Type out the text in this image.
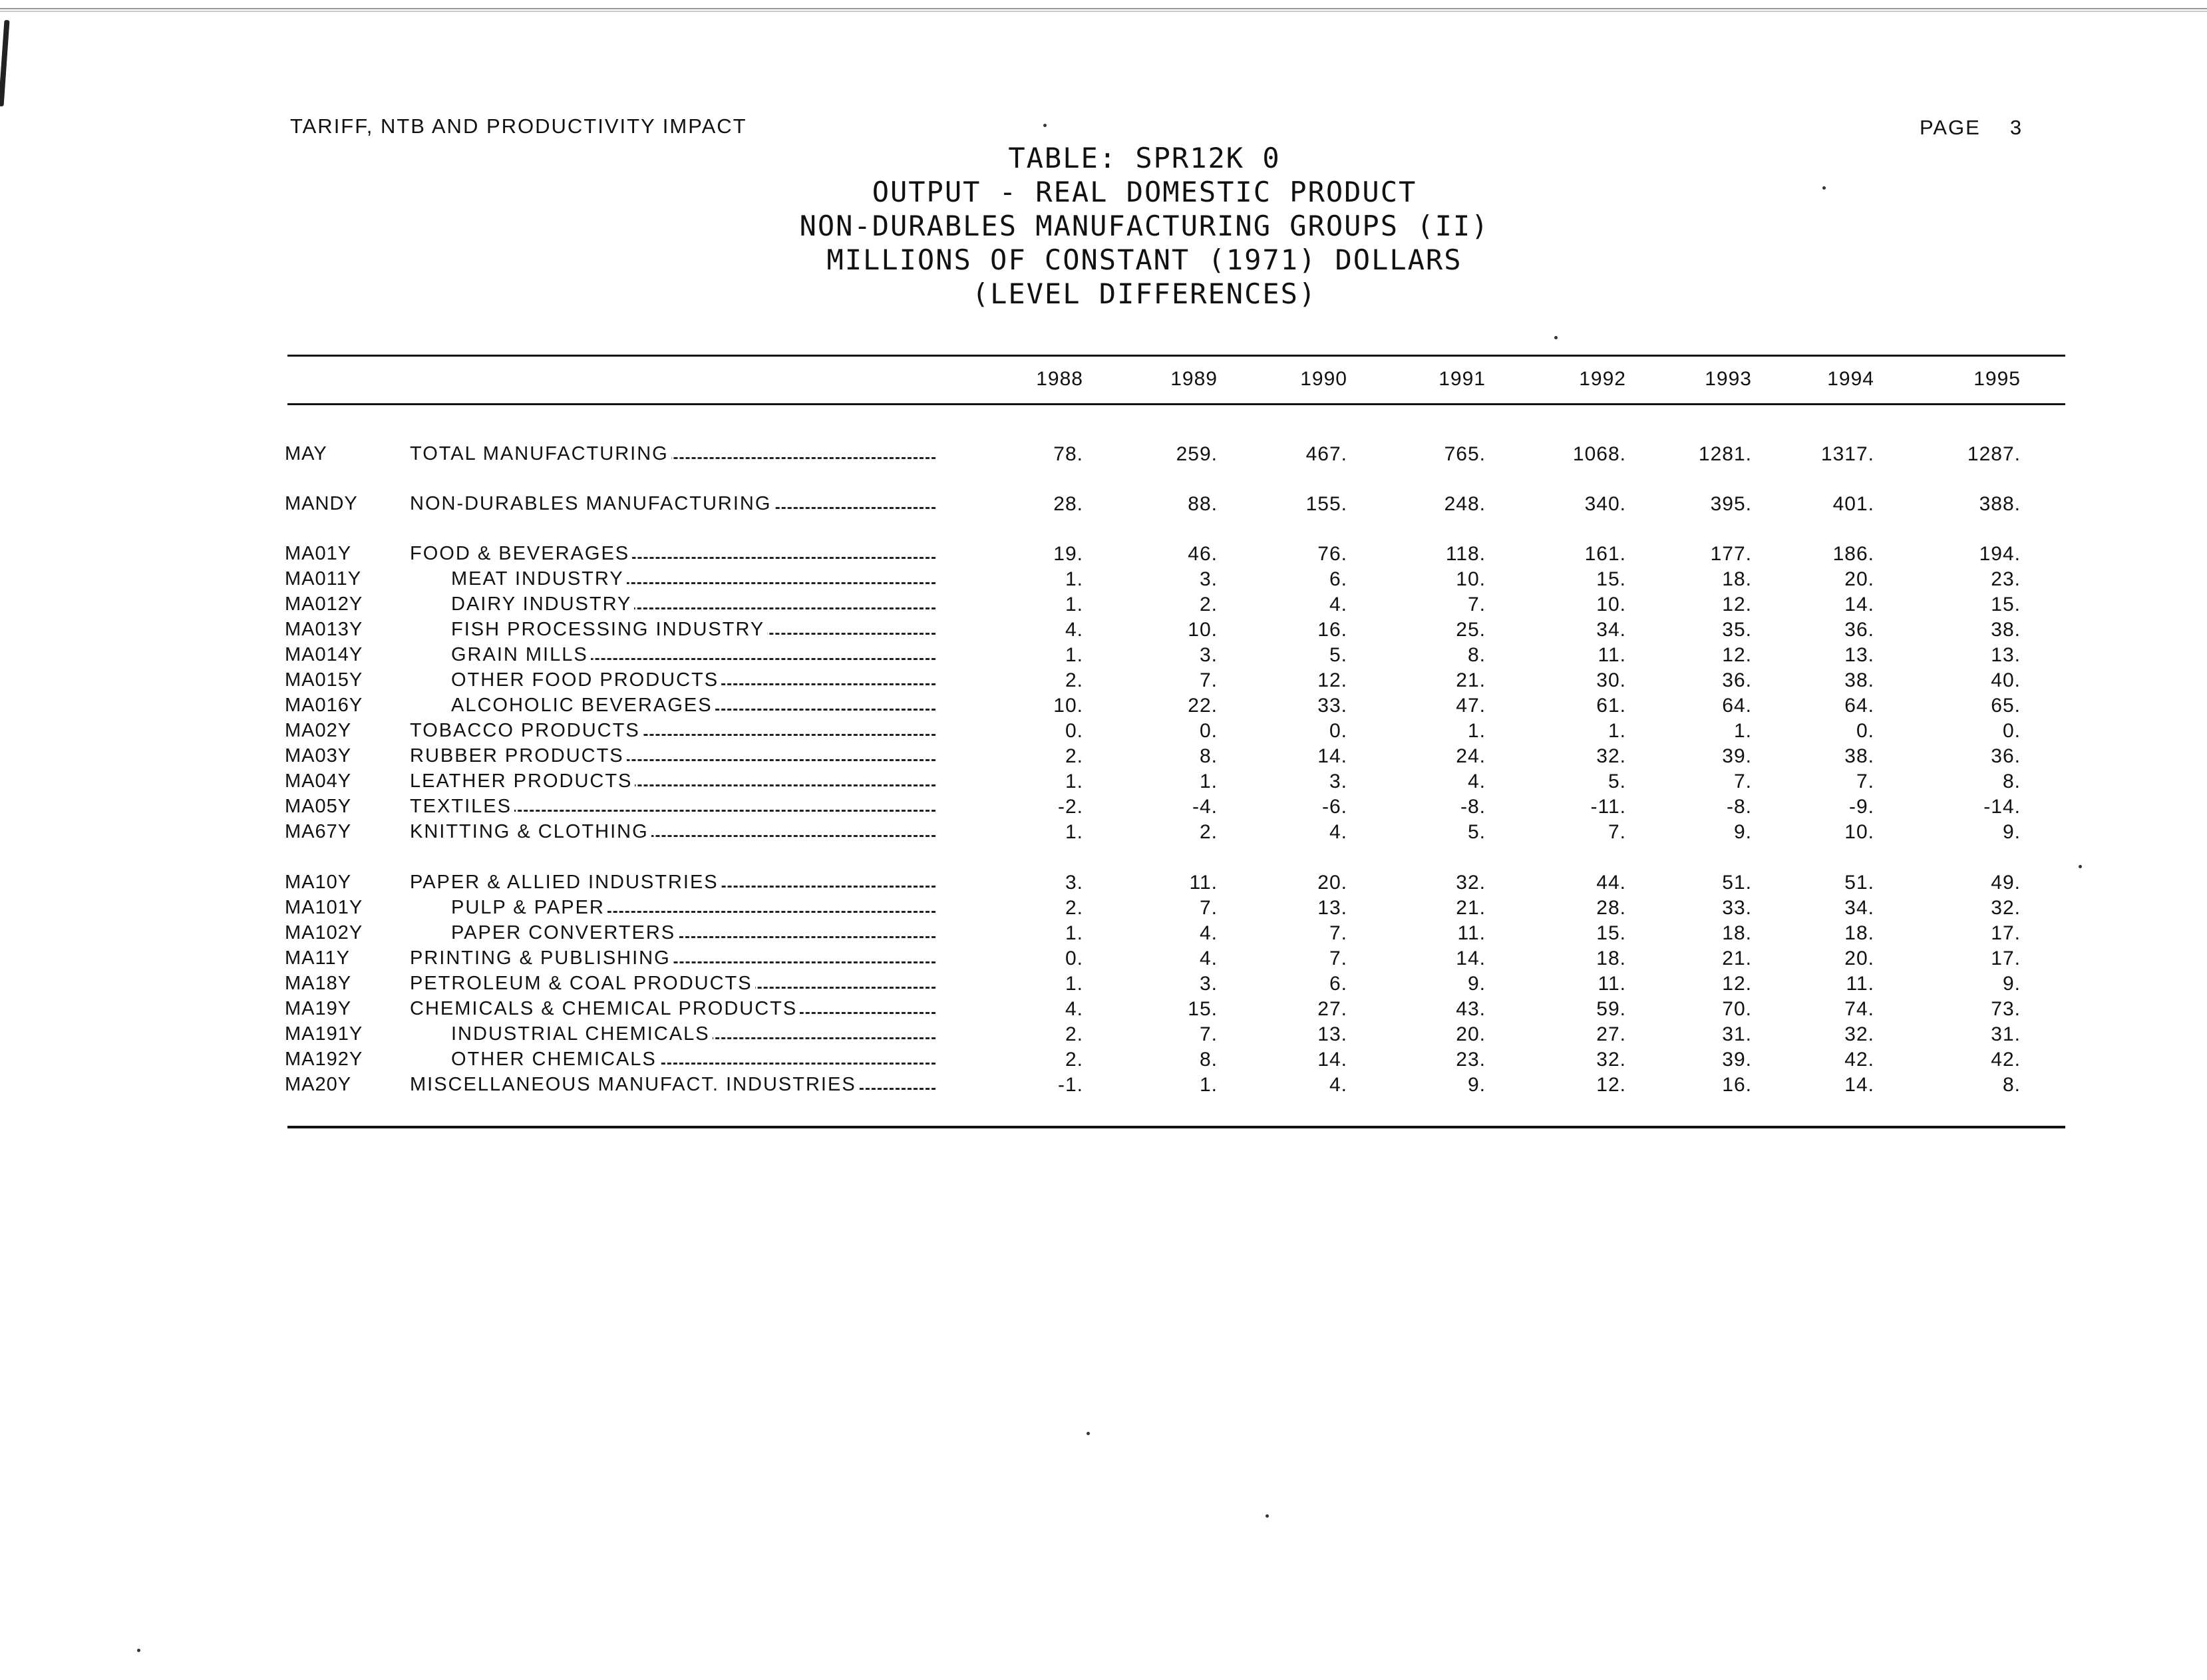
TARIFF, NTB AND PRODUCTIVITY IMPACT	PAGE 3
TABLE: SPR12K 0
OUTPUT - REAL DOMESTIC PRODUCT
NON-DURABLES MANUFACTURING GROUPS (II)
MILLIONS OF CONSTANT (1971) DOLLARS
(LEVEL DIFFERENCES)
1988	1989	1990	1991	1992	1993	1994	1995
MAY	TOTAL MANUFACTURING	78.	259.	467.	765.	1068.	1281.	1317.	1287.
MANDY	NON-DURABLES MANUFACTURING	28.	88.	155.	248.	340.	395.	401.	388.
MA01Y	FOOD & BEVERAGES	19.	46.	76.	118.	161.	177.	186.	194.
MA011Y	MEAT INDUSTRY	1.	3.	6.	10.	15.	18.	20.	23.
MA012Y	DAIRY INDUSTRY	1.	2.	4.	7.	10.	12.	14.	15.
MA013Y	FISH PROCESSING INDUSTRY	4.	10.	16.	25.	34.	35.	36.	38.
MA014Y	GRAIN MILLS	1.	3.	5.	8.	11.	12.	13.	13.
MA015Y	OTHER FOOD PRODUCTS	2.	7.	12.	21.	30.	36.	38.	40.
MA016Y	ALCOHOLIC BEVERAGES	10.	22.	33.	47.	61.	64.	64.	65.
MA02Y	TOBACCO PRODUCTS	0.	0.	0.	1.	1.	1.	0.	0.
MA03Y	RUBBER PRODUCTS	2.	8.	14.	24.	32.	39.	38.	36.
MA04Y	LEATHER PRODUCTS	1.	1.	3.	4.	5.	7.	7.	8.
MA05Y	TEXTILES	-2.	-4.	-6.	-8.	-11.	-8.	-9.	-14.
MA67Y	KNITTING & CLOTHING	1.	2.	4.	5.	7.	9.	10.	9.
MA10Y	PAPER & ALLIED INDUSTRIES	3.	11.	20.	32.	44.	51.	51.	49.
MA101Y	PULP & PAPER	2.	7.	13.	21.	28.	33.	34.	32.
MA102Y	PAPER CONVERTERS	1.	4.	7.	11.	15.	18.	18.	17.
MA11Y	PRINTING & PUBLISHING	0.	4.	7.	14.	18.	21.	20.	17.
MA18Y	PETROLEUM & COAL PRODUCTS	1.	3.	6.	9.	11.	12.	11.	9.
MA19Y	CHEMICALS & CHEMICAL PRODUCTS	4.	15.	27.	43.	59.	70.	74.	73.
MA191Y	INDUSTRIAL CHEMICALS	2.	7.	13.	20.	27.	31.	32.	31.
MA192Y	OTHER CHEMICALS	2.	8.	14.	23.	32.	39.	42.	42.
MA20Y	MISCELLANEOUS MANUFACT. INDUSTRIES	-1.	1.	4.	9.	12.	16.	14.	8.
